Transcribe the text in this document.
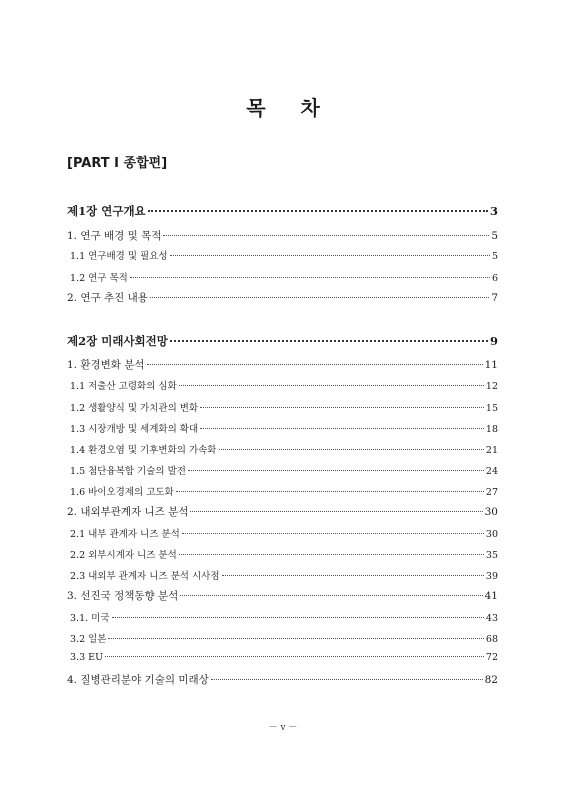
목 차
[PART Ⅰ 종합편]
제1장 연구개요	3
1. 연구 배경 및 목적	5
1.1 연구배경 및 필요성	5
1.2 연구 목적	6
2. 연구 추진 내용	7
제2장 미래사회전망	9
1. 환경변화 분석	11
1.1 저출산 고령화의 심화	12
1.2 생활양식 및 가치관의 변화	15
1.3 시장개방 및 세계화의 확대	18
1.4 환경오염 및 기후변화의 가속화	21
1.5 첨단융복합 기술의 발전	24
1.6 바이오경제의 고도화	27
2. 내외부관계자 니즈 분석	30
2.1 내부 관계자 니즈 분석	30
2.2 외부시계자 니즈 분석	35
2.3 내외부 관계자 니즈 분석 시사점	39
3. 선진국 정책동향 분석	41
3.1. 미국	43
3.2 일본	68
3.3 EU	72
4. 질병관리분야 기술의 미래상	82
－ v －
